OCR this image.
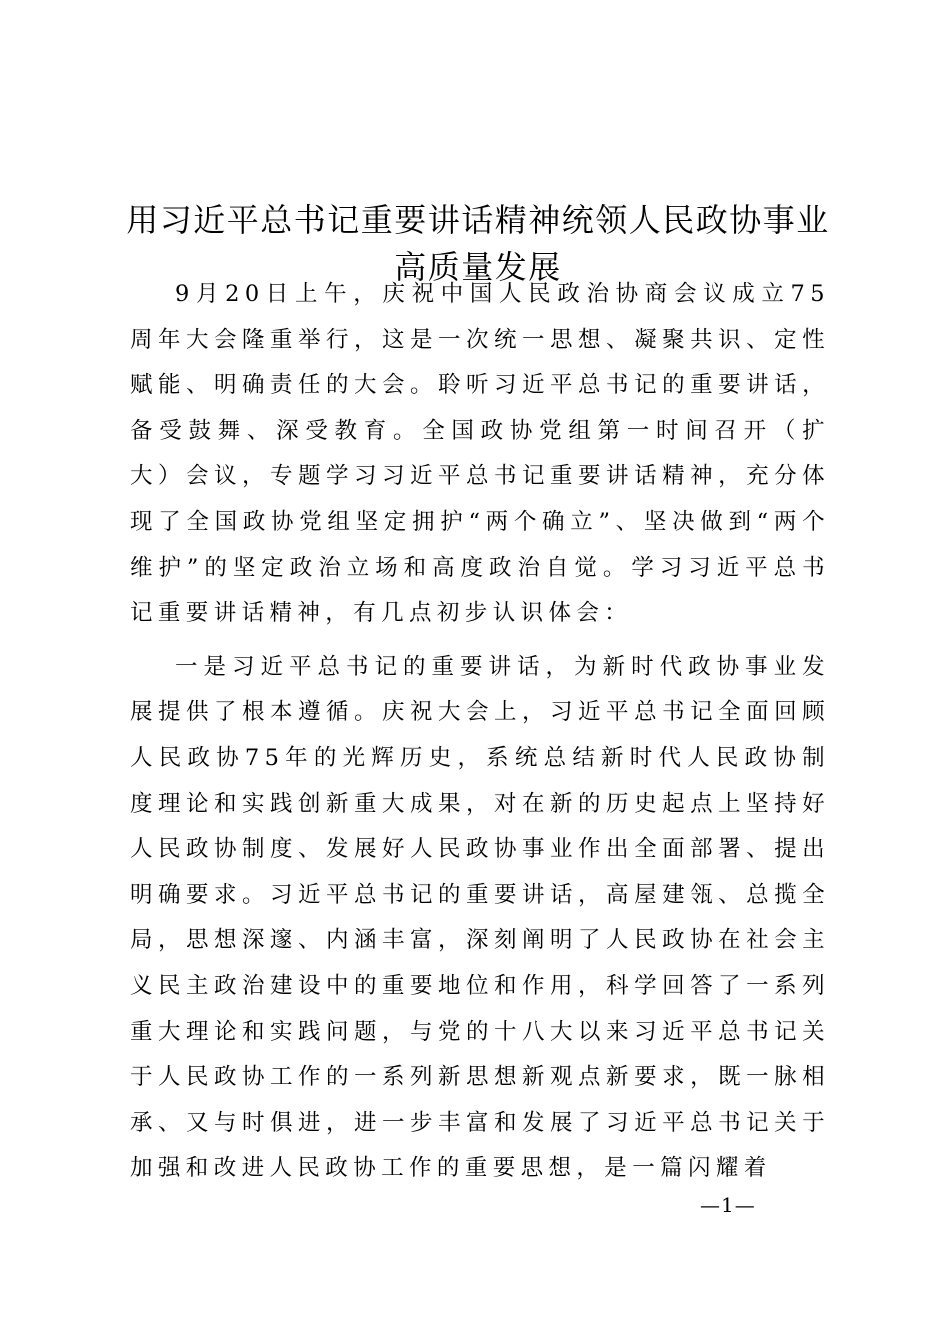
用习近平总书记重要讲话精神统领人民政协事业高质量发展

9月20日上午，庆祝中国人民政治协商会议成立75周年大会隆重举行，这是一次统一思想、凝聚共识、定性赋能、明确责任的大会。聆听习近平总书记的重要讲话，备受鼓舞、深受教育。全国政协党组第一时间召开（扩大）会议，专题学习习近平总书记重要讲话精神，充分体现了全国政协党组坚定拥护“两个确立”、坚决做到“两个维护”的坚定政治立场和高度政治自觉。学习习近平总书记重要讲话精神，有几点初步认识体会：

一是习近平总书记的重要讲话，为新时代政协事业发展提供了根本遵循。庆祝大会上，习近平总书记全面回顾人民政协75年的光辉历史，系统总结新时代人民政协制度理论和实践创新重大成果，对在新的历史起点上坚持好人民政协制度、发展好人民政协事业作出全面部署、提出明确要求。习近平总书记的重要讲话，高屋建瓴、总揽全局，思想深邃、内涵丰富，深刻阐明了人民政协在社会主义民主政治建设中的重要地位和作用，科学回答了一系列重大理论和实践问题，与党的十八大以来习近平总书记关于人民政协工作的一系列新思想新观点新要求，既一脉相承、又与时俱进，进一步丰富和发展了习近平总书记关于加强和改进人民政协工作的重要思想，是一篇闪耀着

—1—
